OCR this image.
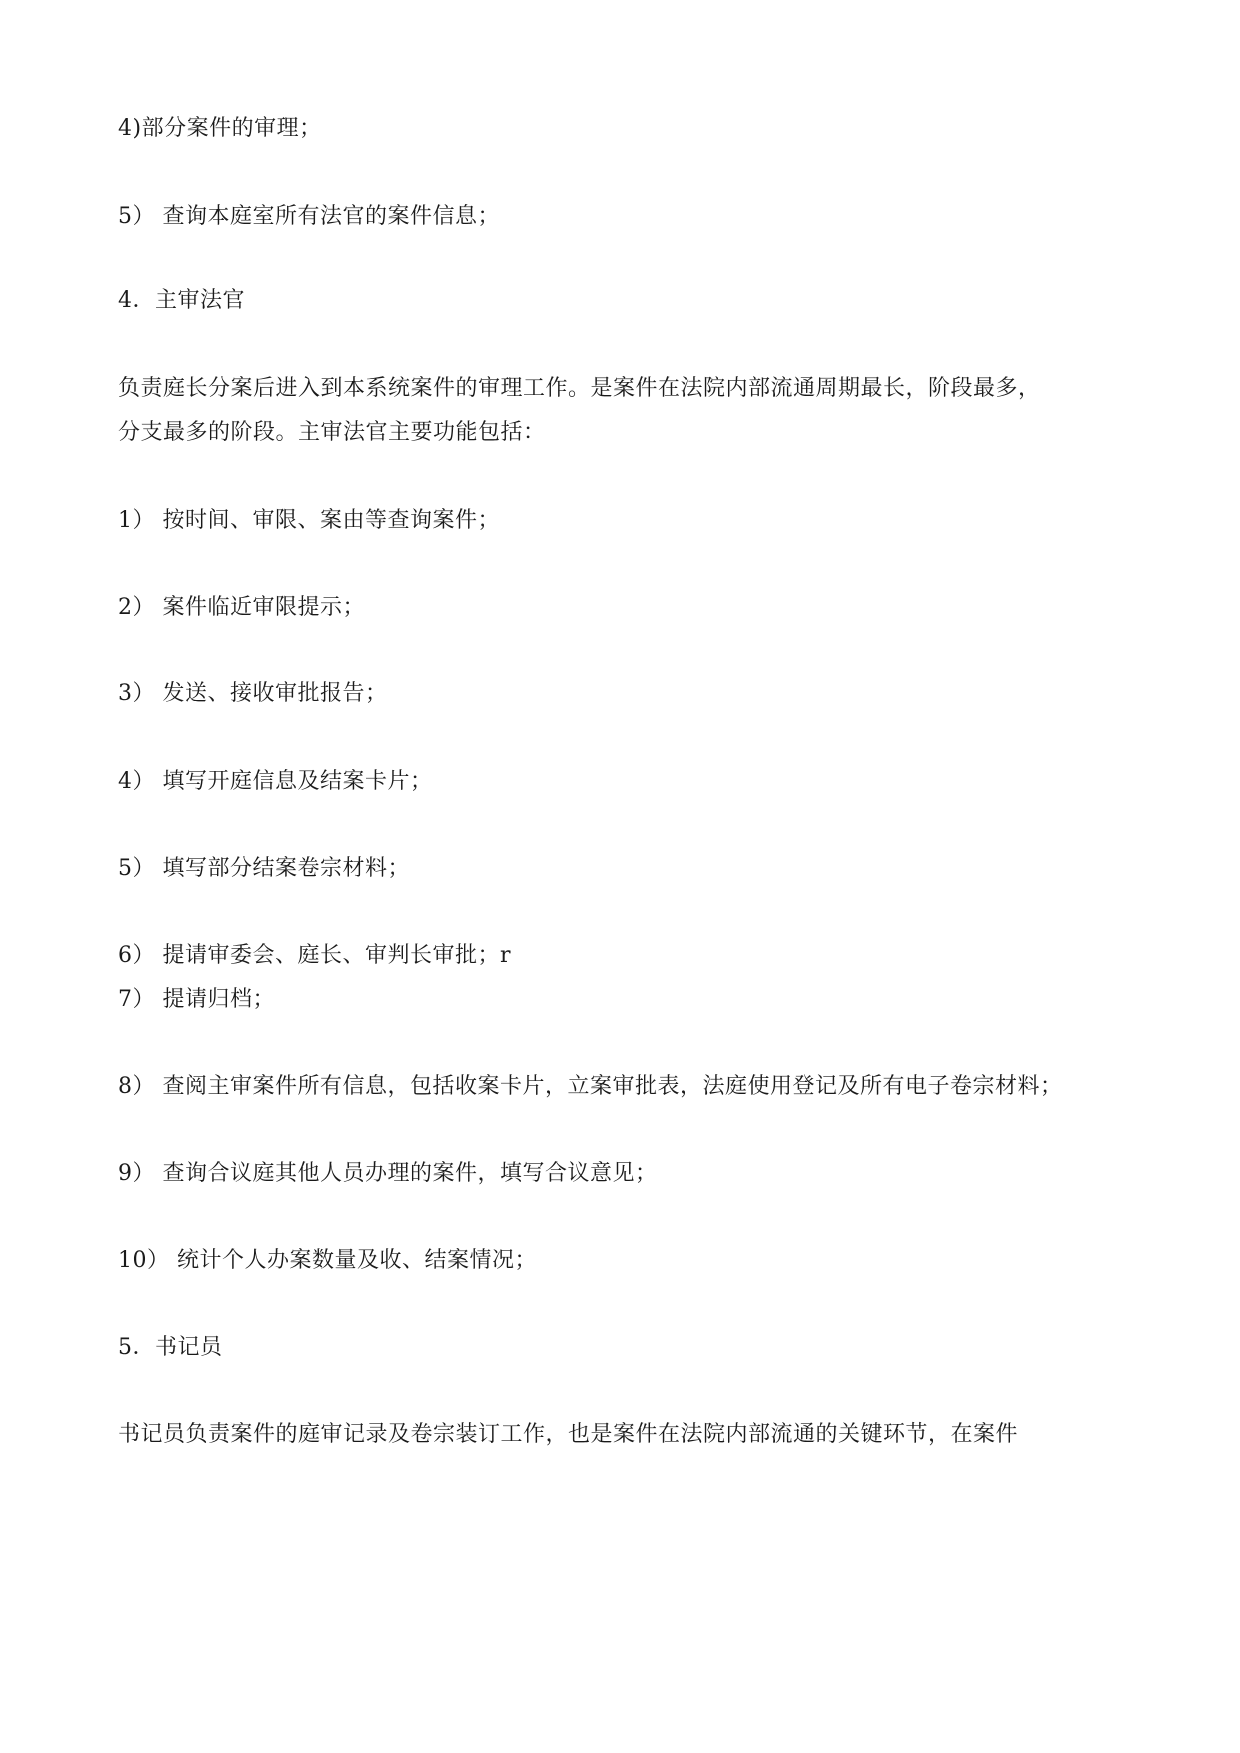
4)部分案件的审理；
5） 查询本庭室所有法官的案件信息；
4．主审法官
负责庭长分案后进入到本系统案件的审理工作。是案件在法院内部流通周期最长，阶段最多，
分支最多的阶段。主审法官主要功能包括：
1） 按时间、审限、案由等查询案件；
2） 案件临近审限提示；
3） 发送、接收审批报告；
4） 填写开庭信息及结案卡片；
5） 填写部分结案卷宗材料；
6） 提请审委会、庭长、审判长审批；r
7） 提请归档；
8） 查阅主审案件所有信息，包括收案卡片，立案审批表，法庭使用登记及所有电子卷宗材料；
9） 查询合议庭其他人员办理的案件，填写合议意见；
10） 统计个人办案数量及收、结案情况；
5．书记员
书记员负责案件的庭审记录及卷宗装订工作，也是案件在法院内部流通的关键环节，在案件
